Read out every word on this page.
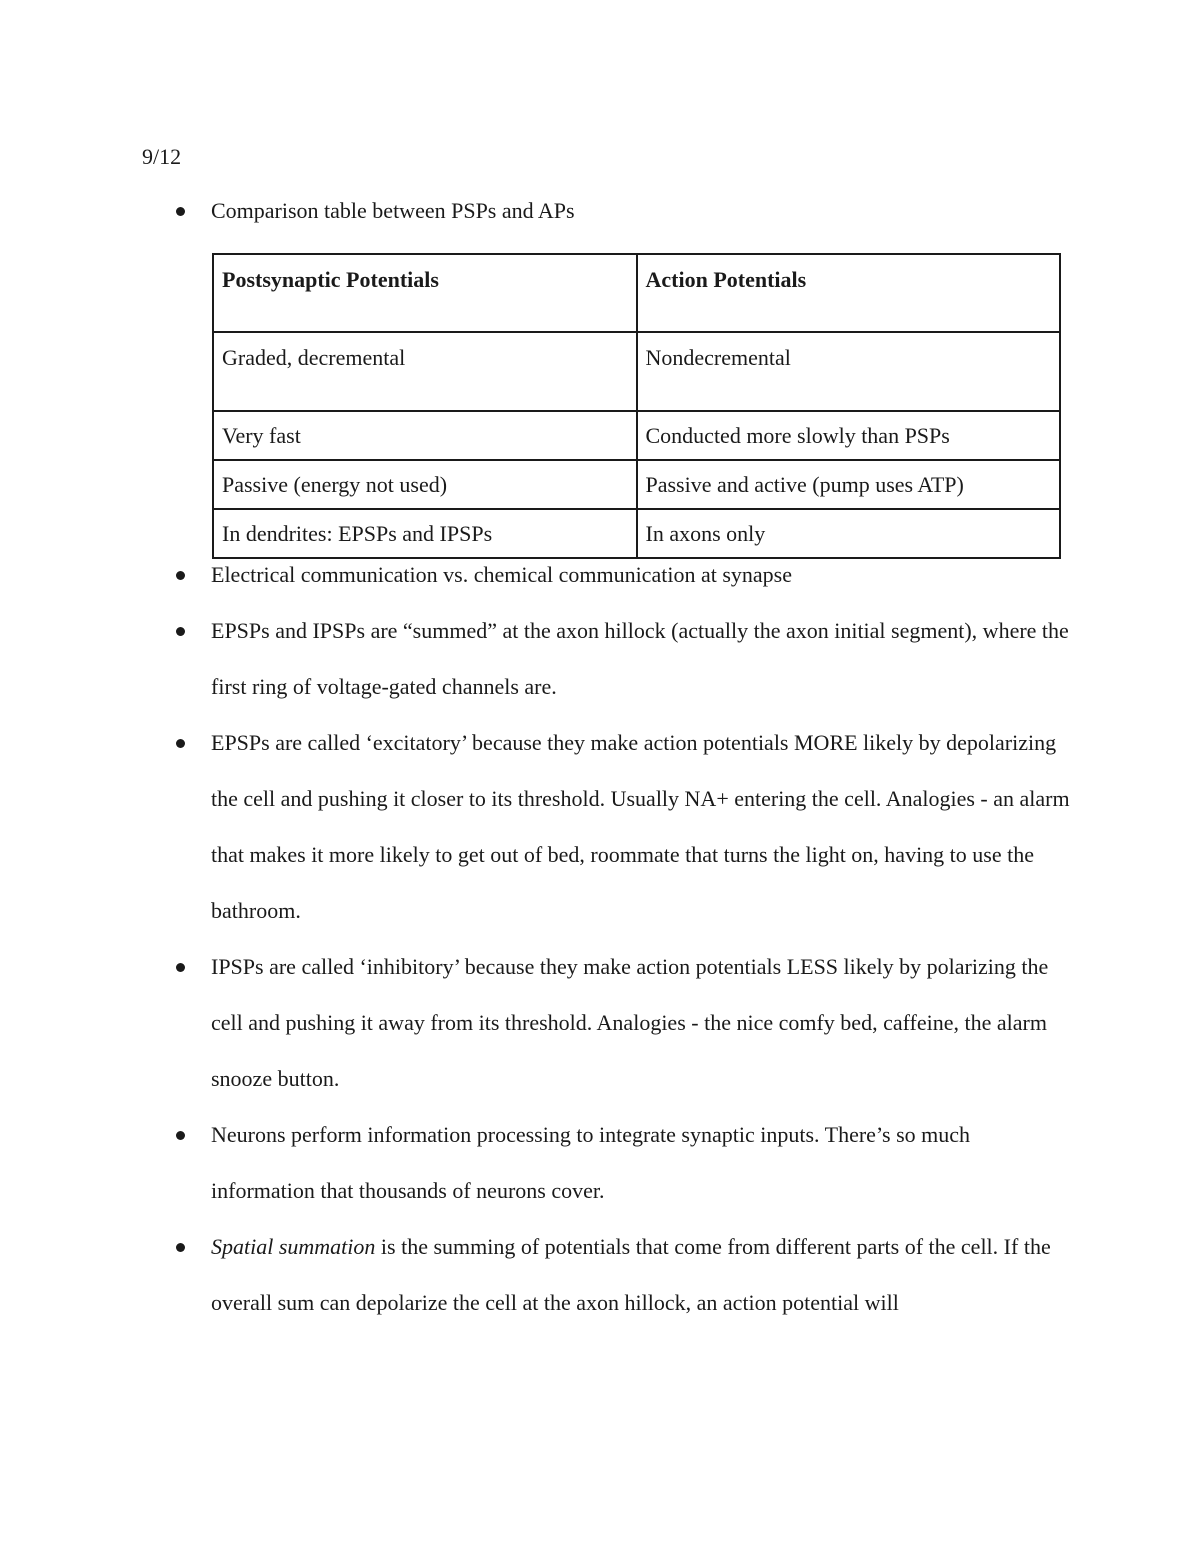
9/12

Comparison table between PSPs and APs

Postsynaptic Potentials	Action Potentials
Graded, decremental	Nondecremental
Very fast	Conducted more slowly than PSPs
Passive (energy not used)	Passive and active (pump uses ATP)
In dendrites: EPSPs and IPSPs	In axons only

Electrical communication vs. chemical communication at synapse

EPSPs and IPSPs are “summed” at the axon hillock (actually the axon initial segment), where the first ring of voltage-gated channels are.

EPSPs are called ‘excitatory’ because they make action potentials MORE likely by depolarizing the cell and pushing it closer to its threshold. Usually NA+ entering the cell. Analogies - an alarm that makes it more likely to get out of bed, roommate that turns the light on, having to use the bathroom.

IPSPs are called ‘inhibitory’ because they make action potentials LESS likely by polarizing the cell and pushing it away from its threshold. Analogies - the nice comfy bed, caffeine, the alarm snooze button.

Neurons perform information processing to integrate synaptic inputs. There’s so much information that thousands of neurons cover.

Spatial summation is the summing of potentials that come from different parts of the cell. If the overall sum can depolarize the cell at the axon hillock, an action potential will
